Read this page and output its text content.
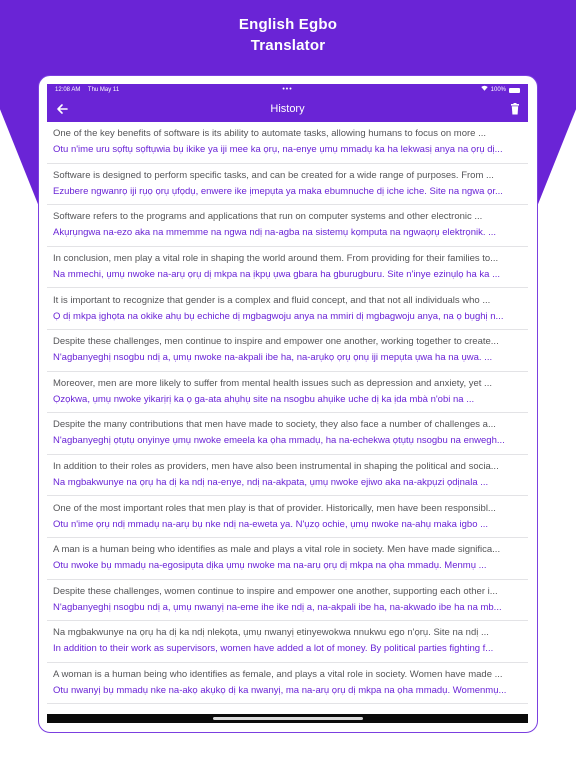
English Egbo
Translator
12:08 AM Thu May 11	•••	100%
History
One of the key benefits of software is its ability to automate tasks, allowing humans to focus on more ...
Otu n'ime uru sọftụ sọftụwia bụ ikike ya iji mee ka ọrụ, na-enye ụmụ mmadụ ka ha lekwasị anya na ọrụ dị...
Software is designed to perform specific tasks, and can be created for a wide range of purposes. From ...
Ezubere ngwanrọ iji rụọ ọrụ ụfọdụ, enwere ike ịmepụta ya maka ebumnuche dị iche iche. Site na ngwa ọr...
Software refers to the programs and applications that run on computer systems and other electronic ...
Akụrụngwa na-ezo aka na mmemme na ngwa ndị na-agba na sistemụ kọmputa na ngwaọrụ elektrọnik. ...
In conclusion, men play a vital role in shaping the world around them. From providing for their families to...
Na mmechi, ụmụ nwoke na-arụ ọrụ dị mkpa na ịkpụ ụwa gbara ha gburugburu. Site n'inye ezinụlọ ha ka ...
It is important to recognize that gender is a complex and fluid concept, and that not all individuals who ...
Ọ dị mkpa ịghọta na okike ahụ bụ echiche dị mgbagwoju anya na mmiri dị mgbagwoju anya, na ọ bụghị n...
Despite these challenges, men continue to inspire and empower one another, working together to create...
N'agbanyeghị nsogbu ndị a, ụmụ nwoke na-akpali ibe ha, na-arụkọ ọrụ ọnụ iji mepụta ụwa ha na ụwa. ...
Moreover, men are more likely to suffer from mental health issues such as depression and anxiety, yet ...
Ọzọkwa, ụmụ nwoke yikarịrị ka ọ ga-ata ahụhụ site na nsogbu ahụike uche dị ka ịda mbà n'obi na ...
Despite the many contributions that men have made to society, they also face a number of challenges a...
N'agbanyeghị ọtụtụ onyinye ụmụ nwoke emeela ka ọha mmadụ, ha na-echekwa ọtụtụ nsogbu na enwegh...
In addition to their roles as providers, men have also been instrumental in shaping the political and socia...
Na mgbakwunye na ọrụ ha dị ka ndị na-enye, ndị na-akpata, ụmụ nwoke ejiwo aka na-akpụzi ọdịnala ...
One of the most important roles that men play is that of provider. Historically, men have been responsibl...
Otu n'ime ọrụ ndị mmadụ na-arụ bụ nke ndị na-eweta ya. N'ụzọ ochie, ụmụ nwoke na-ahụ maka igbo ...
A man is a human being who identifies as male and plays a vital role in society. Men have made significa...
Otu nwoke bụ mmadụ na-egosipụta dịka ụmụ nwoke ma na-arụ ọrụ dị mkpa na ọha mmadụ. Menmụ ...
Despite these challenges, women continue to inspire and empower one another, supporting each other i...
N'agbanyeghị nsogbu ndị a, ụmụ nwanyị na-eme ihe ike ndị a, na-akpali ibe ha, na-akwado ibe ha na mb...
Na mgbakwunye na ọrụ ha dị ka ndị nlekọta, ụmụ nwanyị etinyewokwa nnukwu ego n'ọrụ. Site na ndị ...
In addition to their work as supervisors, women have added a lot of money. By political parties fighting f...
A woman is a human being who identifies as female, and plays a vital role in society. Women have made ...
Otu nwanyị bụ mmadụ nke na-akọ akụkọ dị ka nwanyị, ma na-arụ ọrụ dị mkpa na ọha mmadụ. Womenmụ...
